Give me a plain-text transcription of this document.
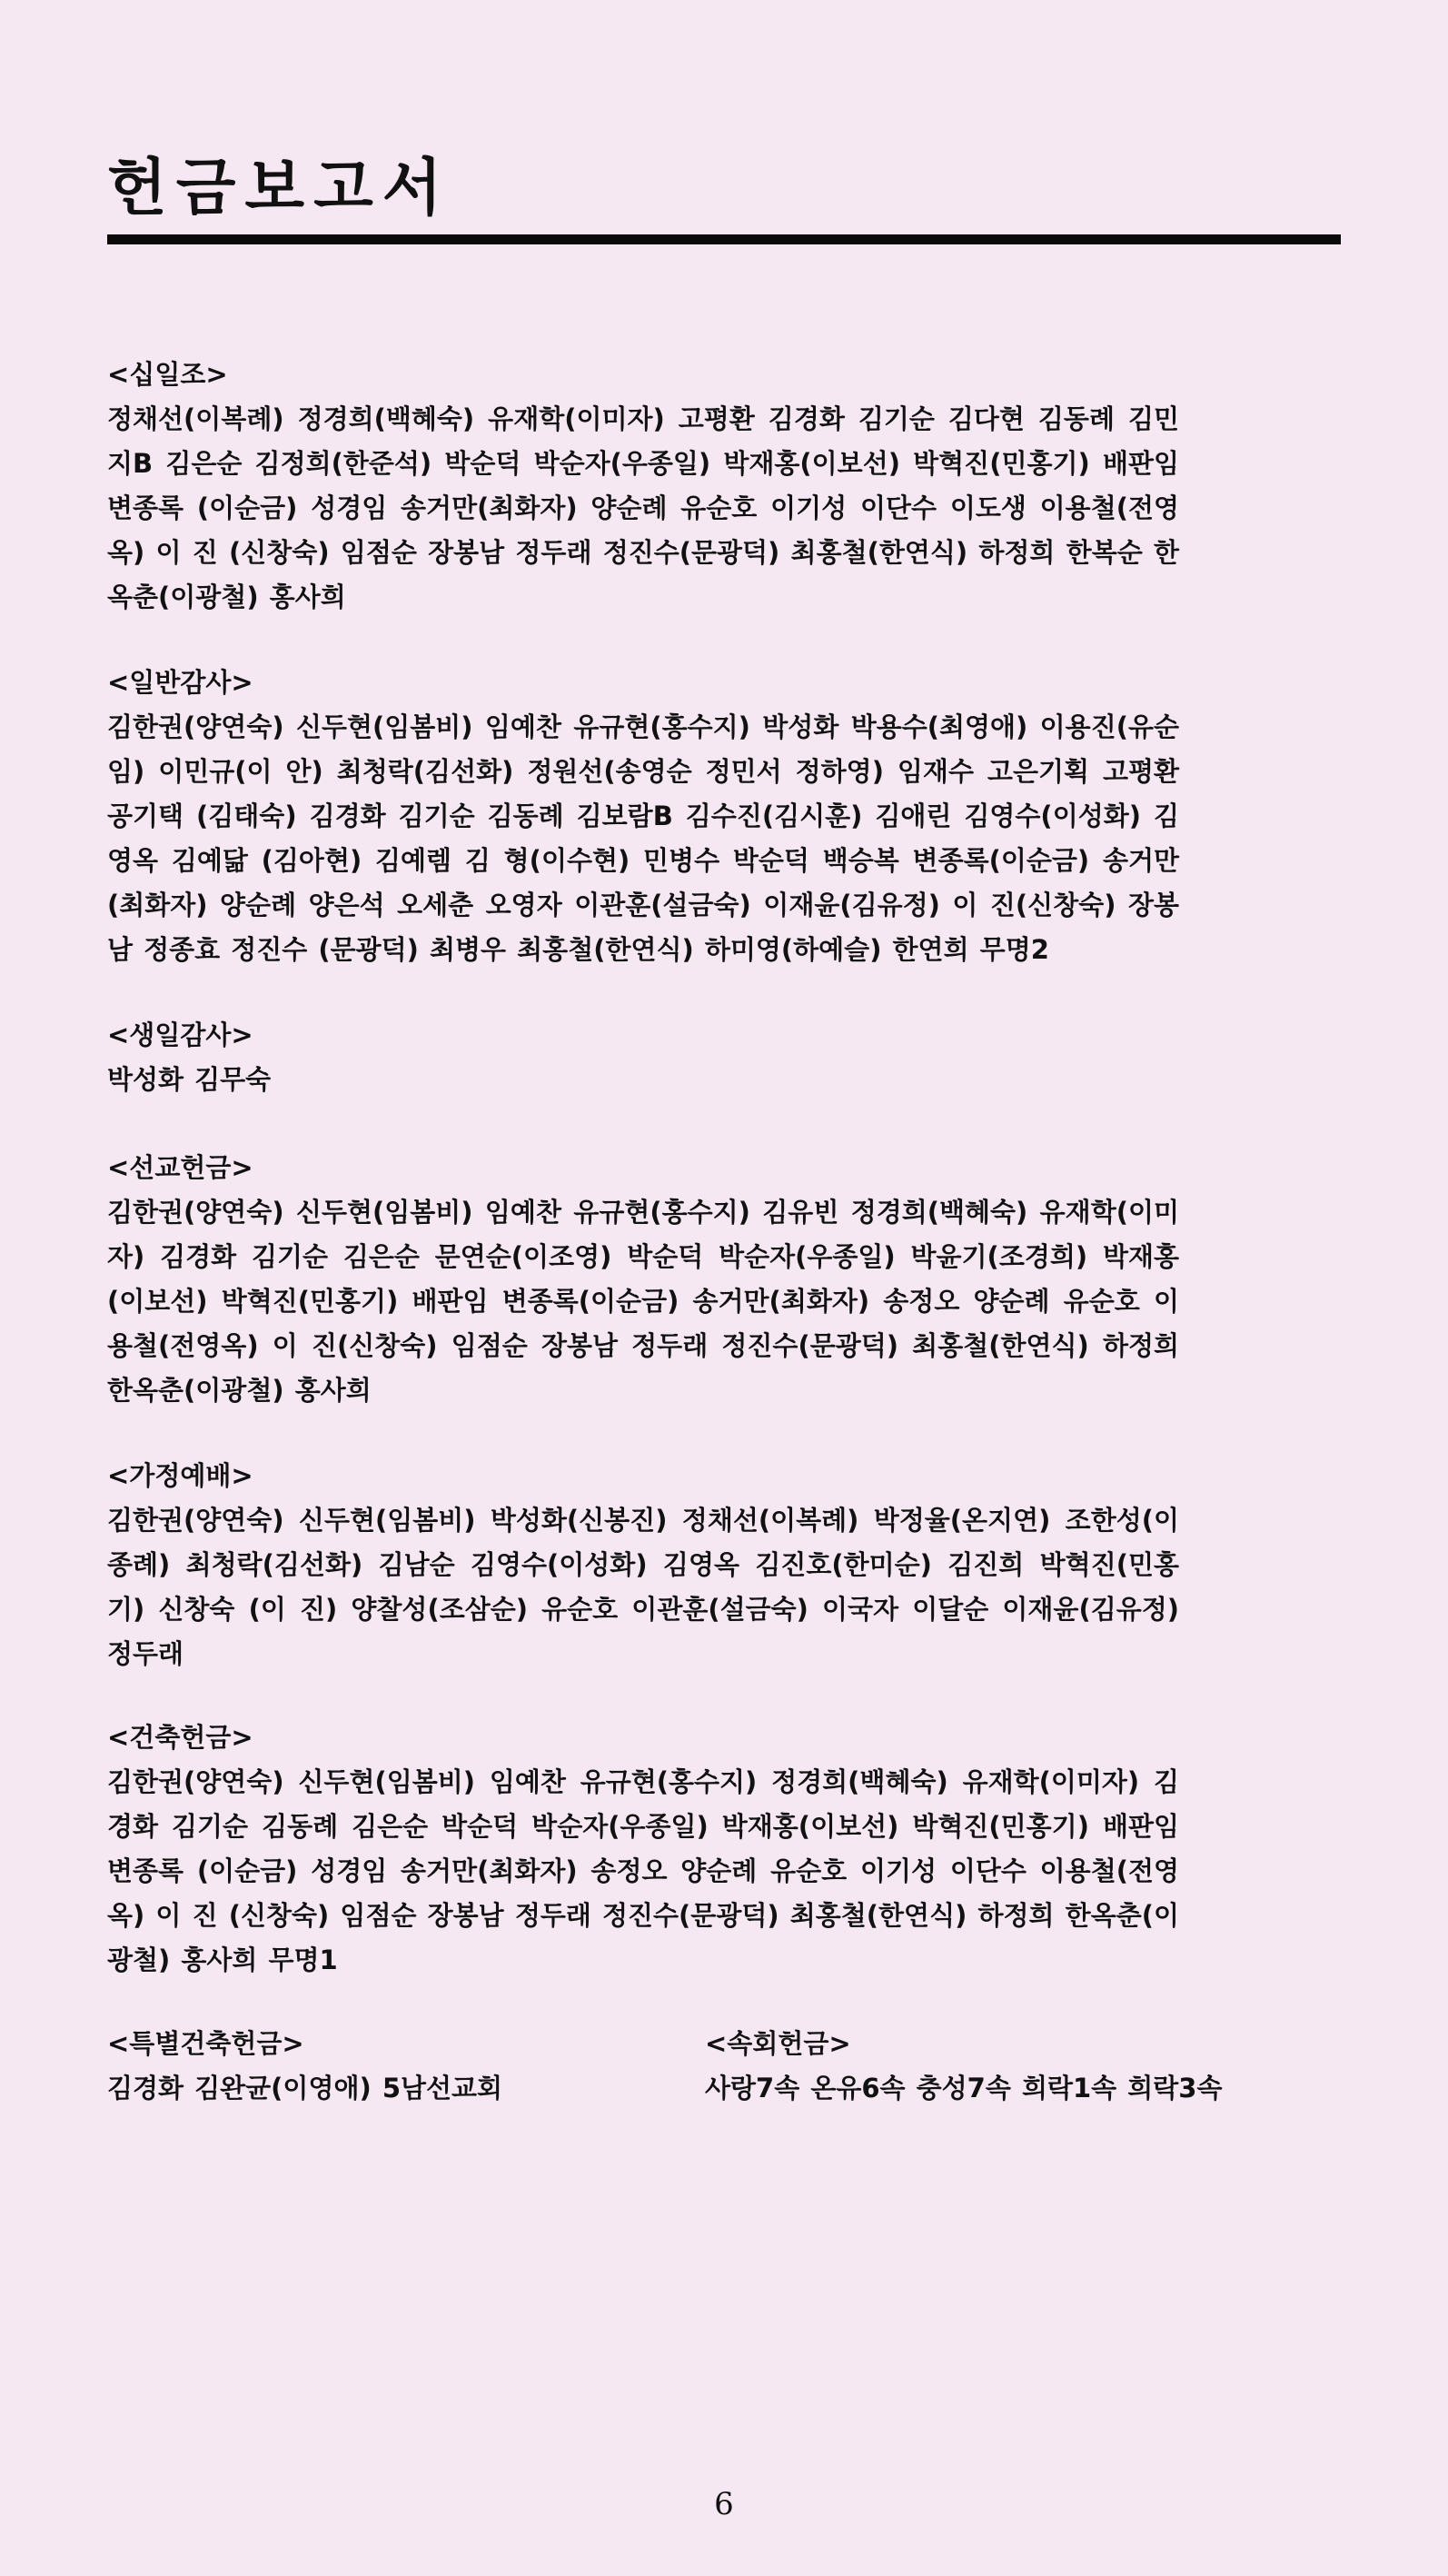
헌금보고서

<십일조>

정채선(이복례) 정경희(백혜숙) 유재학(이미자) 고평환 김경화 김기순 김다현 김동례 김민지B 김은순 김정희(한준석) 박순덕 박순자(우종일) 박재홍(이보선) 박혁진(민홍기) 배판임 변종록 (이순금) 성경임 송거만(최화자) 양순례 유순호 이기성 이단수 이도생 이용철(전영옥) 이 진 (신창숙) 임점순 장봉남 정두래 정진수(문광덕) 최홍철(한연식) 하정희 한복순 한옥춘(이광철) 홍사희

<일반감사>

김한권(양연숙) 신두현(임봄비) 임예찬 유규현(홍수지) 박성화 박용수(최영애) 이용진(유순임) 이민규(이 안) 최청락(김선화) 정원선(송영순 정민서 정하영) 임재수 고은기획 고평환 공기택 (김태숙) 김경화 김기순 김동례 김보람B 김수진(김시훈) 김애린 김영수(이성화) 김영옥 김예닮 (김아현) 김예렘 김 형(이수현) 민병수 박순덕 백승복 변종록(이순금) 송거만(최화자) 양순례 양은석 오세춘 오영자 이관훈(설금숙) 이재윤(김유정) 이 진(신창숙) 장봉남 정종효 정진수 (문광덕) 최병우 최홍철(한연식) 하미영(하예슬) 한연희 무명2

<생일감사>

박성화 김무숙

<선교헌금>

김한권(양연숙) 신두현(임봄비) 임예찬 유규현(홍수지) 김유빈 정경희(백혜숙) 유재학(이미자) 김경화 김기순 김은순 문연순(이조영) 박순덕 박순자(우종일) 박윤기(조경희) 박재홍(이보선) 박혁진(민홍기) 배판임 변종록(이순금) 송거만(최화자) 송정오 양순례 유순호 이용철(전영옥) 이 진(신창숙) 임점순 장봉남 정두래 정진수(문광덕) 최홍철(한연식) 하정희 한옥춘(이광철) 홍사희

<가정예배>

김한권(양연숙) 신두현(임봄비) 박성화(신봉진) 정채선(이복례) 박정율(온지연) 조한성(이종례) 최청락(김선화) 김남순 김영수(이성화) 김영옥 김진호(한미순) 김진희 박혁진(민홍기) 신창숙 (이 진) 양찰성(조삼순) 유순호 이관훈(설금숙) 이국자 이달순 이재윤(김유정) 정두래

<건축헌금>

김한권(양연숙) 신두현(임봄비) 임예찬 유규현(홍수지) 정경희(백혜숙) 유재학(이미자) 김경화 김기순 김동례 김은순 박순덕 박순자(우종일) 박재홍(이보선) 박혁진(민홍기) 배판임 변종록 (이순금) 성경임 송거만(최화자) 송정오 양순례 유순호 이기성 이단수 이용철(전영옥) 이 진 (신창숙) 임점순 장봉남 정두래 정진수(문광덕) 최홍철(한연식) 하정희 한옥춘(이광철) 홍사희 무명1

<특별건축헌금>

김경화 김완균(이영애) 5남선교회

<속회헌금>

사랑7속 온유6속 충성7속 희락1속 희락3속

6
